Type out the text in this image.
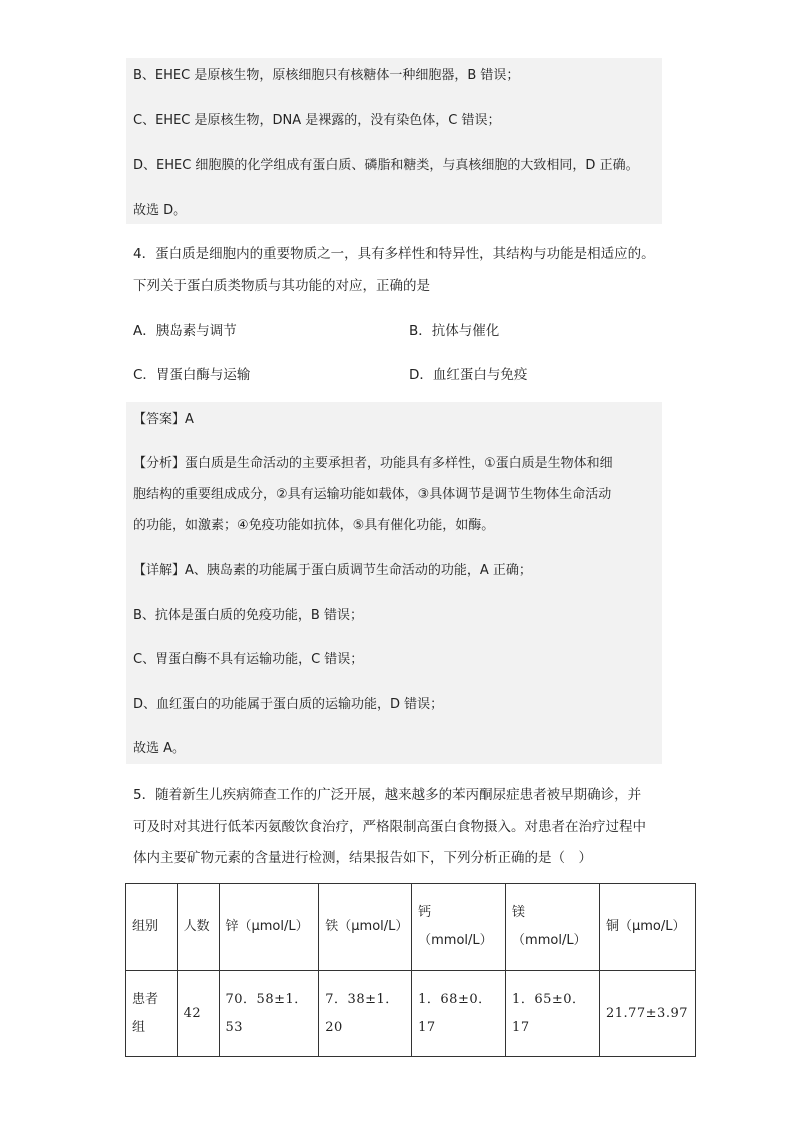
B、EHEC 是原核生物，原核细胞只有核糖体一种细胞器，B 错误；
C、EHEC 是原核生物，DNA 是裸露的，没有染色体，C 错误；
D、EHEC 细胞膜的化学组成有蛋白质、磷脂和糖类，与真核细胞的大致相同，D 正确。
故选 D。
4．蛋白质是细胞内的重要物质之一，具有多样性和特异性，其结构与功能是相适应的。
下列关于蛋白质类物质与其功能的对应，正确的是
A．胰岛素与调节	B．抗体与催化
C．胃蛋白酶与运输	D．血红蛋白与免疫
【答案】A
【分析】蛋白质是生命活动的主要承担者，功能具有多样性，①蛋白质是生物体和细
胞结构的重要组成成分，②具有运输功能如载体，③具体调节是调节生物体生命活动
的功能，如激素；④免疫功能如抗体，⑤具有催化功能，如酶。
【详解】A、胰岛素的功能属于蛋白质调节生命活动的功能，A 正确；
B、抗体是蛋白质的免疫功能，B 错误；
C、胃蛋白酶不具有运输功能，C 错误；
D、血红蛋白的功能属于蛋白质的运输功能，D 错误；
故选 A。
5．随着新生儿疾病筛查工作的广泛开展，越来越多的苯丙酮尿症患者被早期确诊，并
可及时对其进行低苯丙氨酸饮食治疗，严格限制高蛋白食物摄入。对患者在治疗过程中
体内主要矿物元素的含量进行检测，结果报告如下，下列分析正确的是（　）
组别	人数	锌（μmol/L）	铁（μmol/L）	钙（mmol/L）	镁（mmol/L）	铜（μmo/L）
患者组	42	70．58±1．53	7．38±1．20	1．68±0．17	1．65±0．17	21.77±3.97
